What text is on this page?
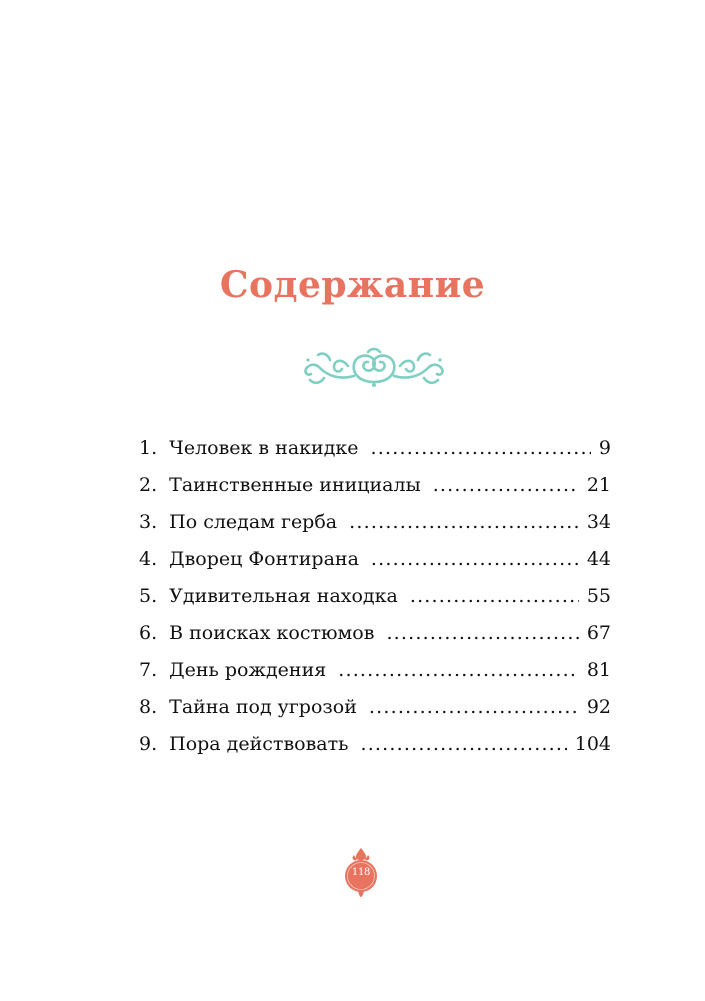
Содержание
1. Человек в накидке .....	9
2. Таинственные инициалы .....	21
3. По следам герба .....	34
4. Дворец Фонтирана .....	44
5. Удивительная находка .....	55
6. В поисках костюмов .....	67
7. День рождения .....	81
8. Тайна под угрозой .....	92
9. Пора действовать .....	104
118
